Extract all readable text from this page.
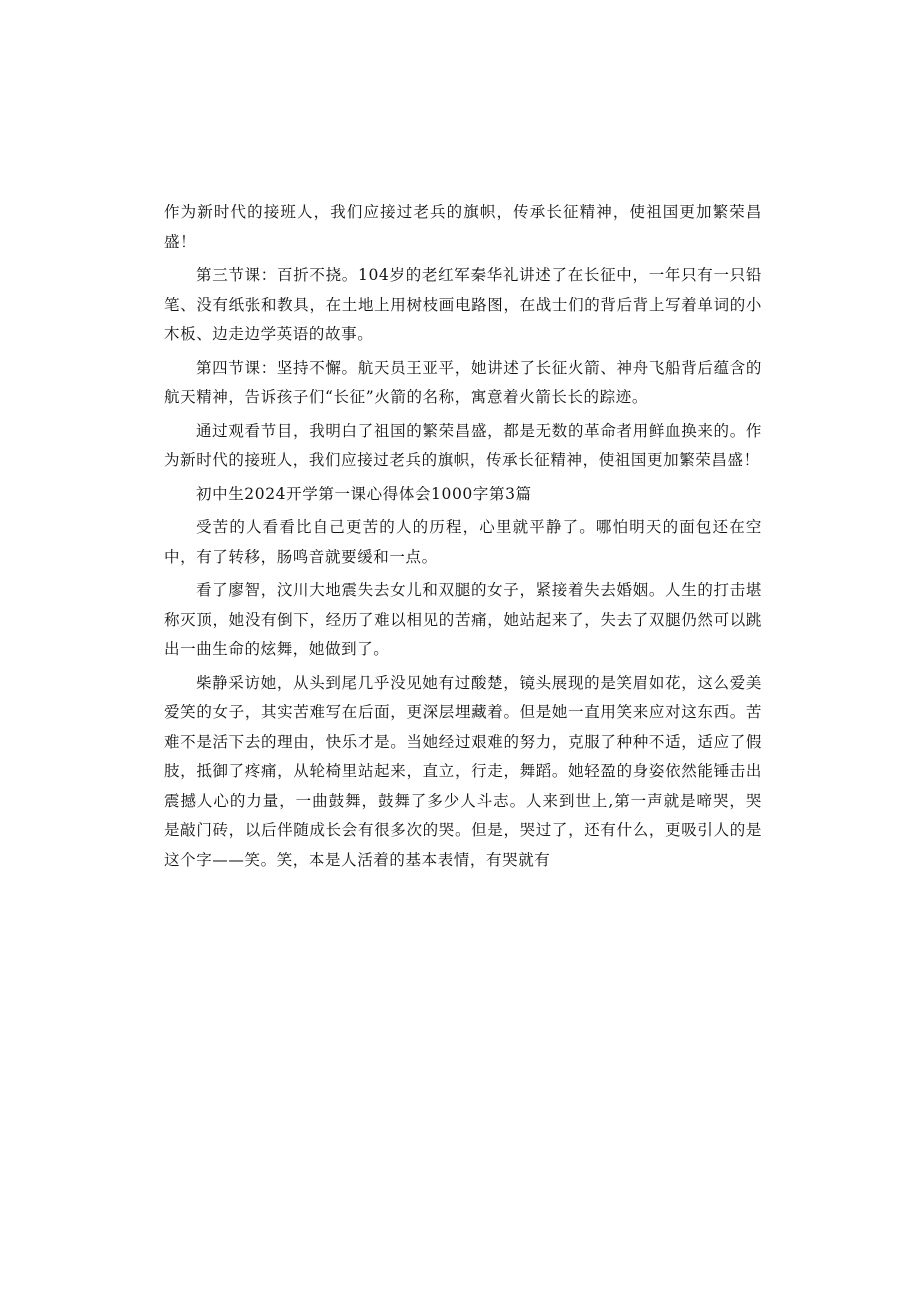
作为新时代的接班人，我们应接过老兵的旗帜，传承长征精神，使祖国更加繁荣昌盛！

第三节课：百折不挠。104岁的老红军秦华礼讲述了在长征中，一年只有一只铅笔、没有纸张和教具，在土地上用树枝画电路图，在战士们的背后背上写着单词的小木板、边走边学英语的故事。

第四节课：坚持不懈。航天员王亚平，她讲述了长征火箭、神舟飞船背后蕴含的航天精神，告诉孩子们“长征”火箭的名称，寓意着火箭长长的踪迹。

通过观看节目，我明白了祖国的繁荣昌盛，都是无数的革命者用鲜血换来的。作为新时代的接班人，我们应接过老兵的旗帜，传承长征精神，使祖国更加繁荣昌盛！

初中生2024开学第一课心得体会1000字第3篇

受苦的人看看比自己更苦的人的历程，心里就平静了。哪怕明天的面包还在空中，有了转移，肠鸣音就要缓和一点。

看了廖智，汶川大地震失去女儿和双腿的女子，紧接着失去婚姻。人生的打击堪称灭顶，她没有倒下，经历了难以相见的苦痛，她站起来了，失去了双腿仍然可以跳出一曲生命的炫舞，她做到了。

柴静采访她，从头到尾几乎没见她有过酸楚，镜头展现的是笑眉如花，这么爱美爱笑的女子，其实苦难写在后面，更深层埋藏着。但是她一直用笑来应对这东西。苦难不是活下去的理由，快乐才是。当她经过艰难的努力，克服了种种不适，适应了假肢，抵御了疼痛，从轮椅里站起来，直立，行走，舞蹈。她轻盈的身姿依然能锤击出震撼人心的力量，一曲鼓舞，鼓舞了多少人斗志。人来到世上,第一声就是啼哭，哭是敲门砖，以后伴随成长会有很多次的哭。但是，哭过了，还有什么，更吸引人的是这个字——笑。笑，本是人活着的基本表情，有哭就有
